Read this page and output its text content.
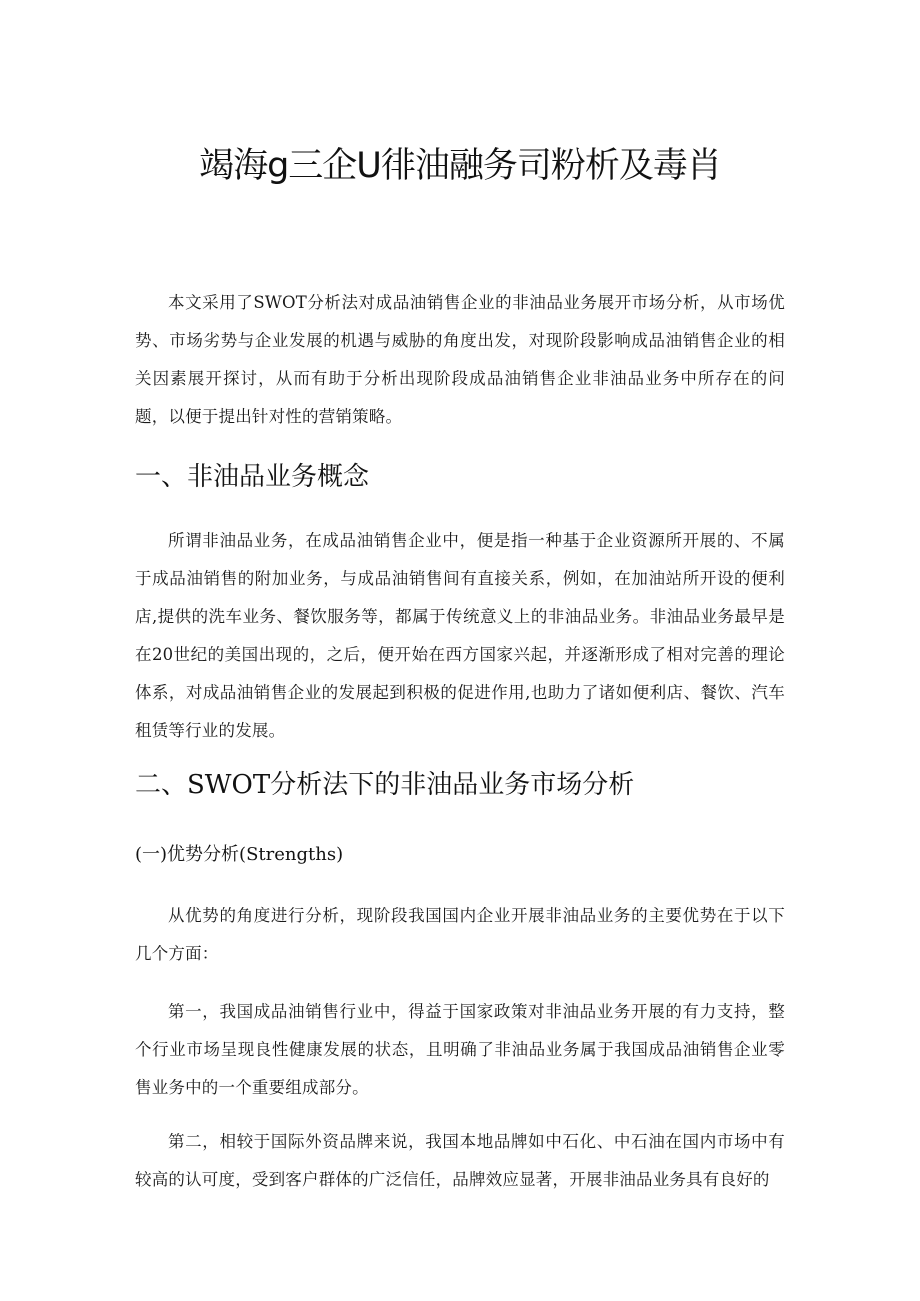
竭海g三企U徘油融务司粉析及毒肖

本文采用了SWOT分析法对成品油销售企业的非油品业务展开市场分析，从市场优势、市场劣势与企业发展的机遇与威胁的角度出发，对现阶段影响成品油销售企业的相关因素展开探讨，从而有助于分析出现阶段成品油销售企业非油品业务中所存在的问题，以便于提出针对性的营销策略。

一、非油品业务概念

所谓非油品业务，在成品油销售企业中，便是指一种基于企业资源所开展的、不属于成品油销售的附加业务，与成品油销售间有直接关系，例如，在加油站所开设的便利店,提供的洗车业务、餐饮服务等，都属于传统意义上的非油品业务。非油品业务最早是在20世纪的美国出现的，之后，便开始在西方国家兴起，并逐渐形成了相对完善的理论体系，对成品油销售企业的发展起到积极的促进作用,也助力了诸如便利店、餐饮、汽车租赁等行业的发展。

二、SWOT分析法下的非油品业务市场分析
(一)优势分析(Strengths)

从优势的角度进行分析，现阶段我国国内企业开展非油品业务的主要优势在于以下几个方面：

第一，我国成品油销售行业中，得益于国家政策对非油品业务开展的有力支持，整个行业市场呈现良性健康发展的状态，且明确了非油品业务属于我国成品油销售企业零售业务中的一个重要组成部分。

第二，相较于国际外资品牌来说，我国本地品牌如中石化、中石油在国内市场中有较高的认可度，受到客户群体的广泛信任，品牌效应显著，开展非油品业务具有良好的
